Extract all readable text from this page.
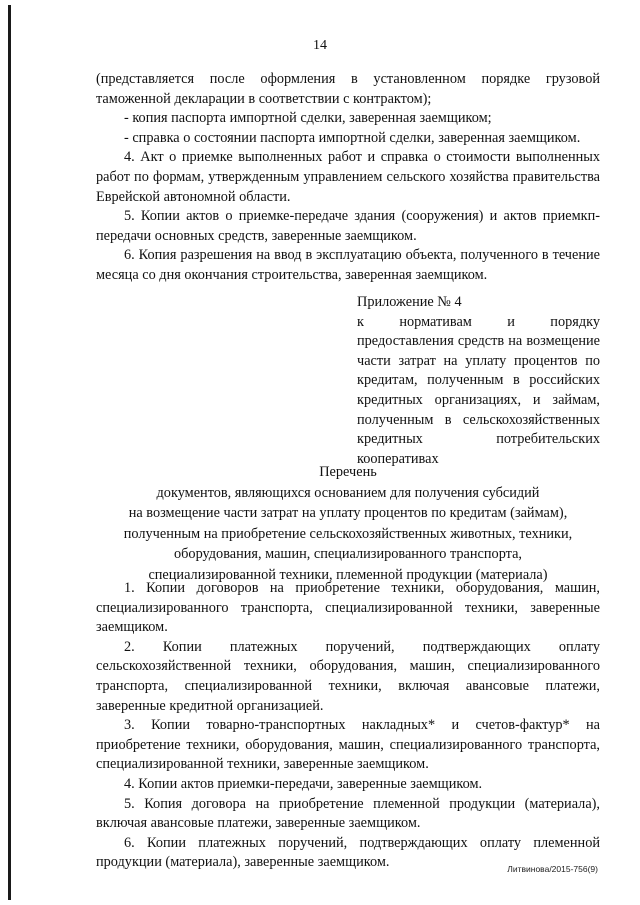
14

(представляется после оформления в установленном порядке грузовой таможенной декларации в соответствии с контрактом);

- копия паспорта импортной сделки, заверенная заемщиком;

- справка о состоянии паспорта импортной сделки, заверенная заемщиком.

4. Акт о приемке выполненных работ и справка о стоимости выполненных работ по формам, утвержденным управлением сельского хозяйства правительства Еврейской автономной области.

5. Копии актов о приемке-передаче здания (сооружения) и актов приемкп-передачи основных средств, заверенные заемщиком.

6. Копия разрешения на ввод в эксплуатацию объекта, полученного в течение месяца со дня окончания строительства, заверенная заемщиком.

Приложение № 4
к нормативам и порядку предоставления средств на возмещение части затрат на уплату процентов по кредитам, полученным в российских кредитных организациях, и займам, полученным в сельскохозяйственных кредитных потребительских кооперативах
Перечень
документов, являющихся основанием для получения субсидий
на возмещение части затрат на уплату процентов по кредитам (займам),
полученным на приобретение сельскохозяйственных животных, техники,
оборудования, машин, специализированного транспорта,
специализированной техники, племенной продукции (материала)

1. Копии договоров на приобретение техники, оборудования, машин, специализированного транспорта, специализированной техники, заверенные заемщиком.

2. Копии платежных поручений, подтверждающих оплату сельскохозяйственной техники, оборудования, машин, специализированного транспорта, специализированной техники, включая авансовые платежи, заверенные кредитной организацией.

3. Копии товарно-транспортных накладных* и счетов-фактур* на приобретение техники, оборудования, машин, специализированного транспорта, специализированной техники, заверенные заемщиком.

4. Копии актов приемки-передачи, заверенные заемщиком.

5. Копия договора на приобретение племенной продукции (материала), включая авансовые платежи, заверенные заемщиком.

6. Копии платежных поручений, подтверждающих оплату племенной продукции (материала), заверенные заемщиком.	Литвинова/2015-756(9)
